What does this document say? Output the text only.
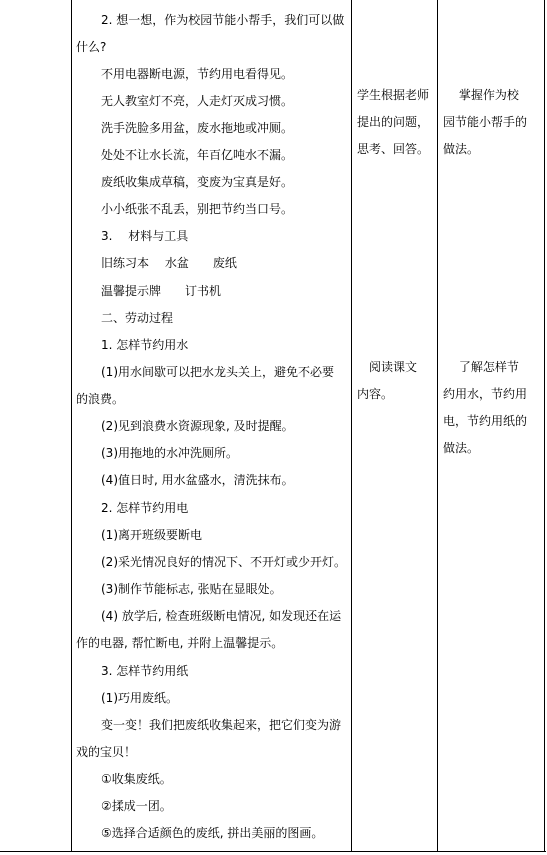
2. 想一想，作为校园节能小帮手，我们可以做
什么?
不用电器断电源，节约用电看得见。
无人教室灯不亮，人走灯灭成习惯。
洗手洗脸多用盆，废水拖地或冲厕。
处处不让水长流，年百亿吨水不漏。
废纸收集成草稿，变废为宝真是好。
小小纸张不乱丢，别把节约当口号。
3.　 材料与工具
旧练习本　 水盆　　废纸
温馨提示牌　　订书机
二、劳动过程
1. 怎样节约用水
(1)用水间歇可以把水龙头关上，避免不必要
的浪费。
(2)见到浪费水资源现象, 及时提醒。
(3)用拖地的水冲洗厕所。
(4)值日时, 用水盆盛水，清洗抹布。
2. 怎样节约用电
(1)离开班级要断电
(2)采光情况良好的情况下、不开灯或少开灯。
(3)制作节能标志, 张贴在显眼处。
(4) 放学后, 检查班级断电情况, 如发现还在运
作的电器, 帮忙断电, 并附上温馨提示。
3. 怎样节约用纸
(1)巧用废纸。
变一变！我们把废纸收集起来，把它们变为游
戏的宝贝！
①收集废纸。
②揉成一团。
⑤选择合适颜色的废纸, 拼出美丽的图画。
学生根据老师
提出的问题，
思考、回答。
　阅读课文
内容。
　 掌握作为校
园节能小帮手的
做法。
　 了解怎样节
约用水，节约用
电，节约用纸的
做法。
